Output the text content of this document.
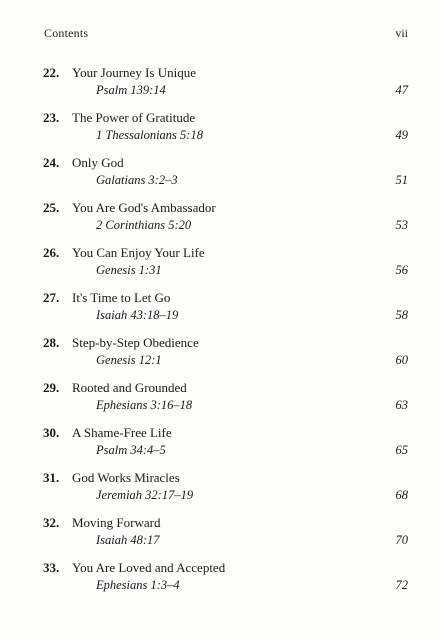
Contents	vii
22. Your Journey Is Unique
Psalm 139:14	47
23. The Power of Gratitude
1 Thessalonians 5:18	49
24. Only God
Galatians 3:2–3	51
25. You Are God's Ambassador
2 Corinthians 5:20	53
26. You Can Enjoy Your Life
Genesis 1:31	56
27. It's Time to Let Go
Isaiah 43:18–19	58
28. Step-by-Step Obedience
Genesis 12:1	60
29. Rooted and Grounded
Ephesians 3:16–18	63
30. A Shame-Free Life
Psalm 34:4–5	65
31. God Works Miracles
Jeremiah 32:17–19	68
32. Moving Forward
Isaiah 48:17	70
33. You Are Loved and Accepted
Ephesians 1:3–4	72
